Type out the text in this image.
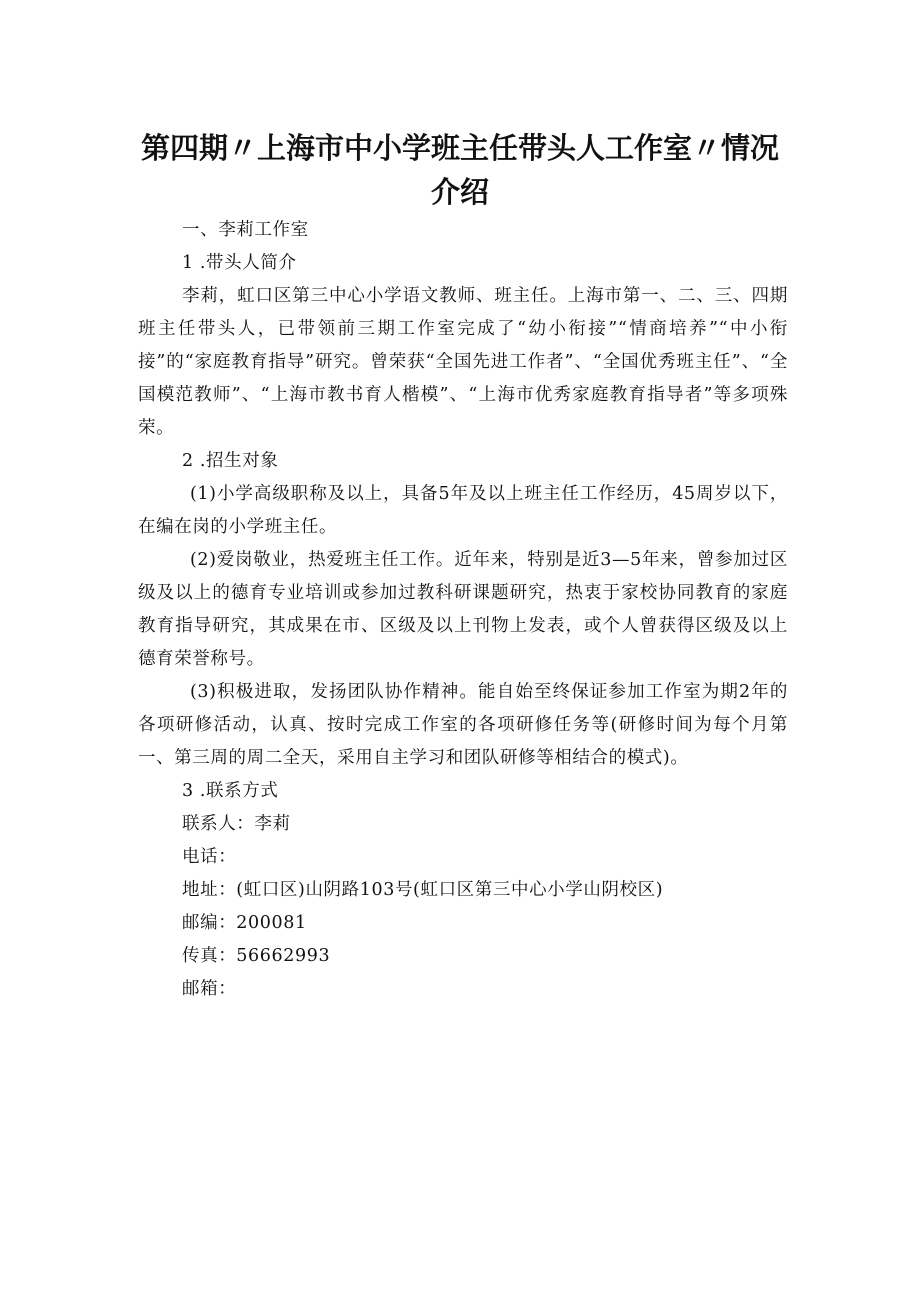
第四期〃上海市中小学班主任带头人工作室〃情况介绍

一、李莉工作室

1 .带头人简介

李莉，虹口区第三中心小学语文教师、班主任。上海市第一、二、三、四期班主任带头人，已带领前三期工作室完成了“幼小衔接”“情商培养”“中小衔接”的“家庭教育指导”研究。曾荣获“全国先进工作者”、“全国优秀班主任”、“全国模范教师”、“上海市教书育人楷模”、“上海市优秀家庭教育指导者”等多项殊荣。

2 .招生对象

(1)小学高级职称及以上，具备5年及以上班主任工作经历，45周岁以下，在编在岗的小学班主任。

(2)爱岗敬业，热爱班主任工作。近年来，特别是近3—5年来，曾参加过区级及以上的德育专业培训或参加过教科研课题研究，热衷于家校协同教育的家庭教育指导研究，其成果在市、区级及以上刊物上发表，或个人曾获得区级及以上德育荣誉称号。

(3)积极进取，发扬团队协作精神。能自始至终保证参加工作室为期2年的各项研修活动，认真、按时完成工作室的各项研修任务等(研修时间为每个月第一、第三周的周二全天，采用自主学习和团队研修等相结合的模式)。

3 .联系方式

联系人：李莉

电话：

地址：(虹口区)山阴路103号(虹口区第三中心小学山阴校区)

邮编：200081

传真：56662993

邮箱：
